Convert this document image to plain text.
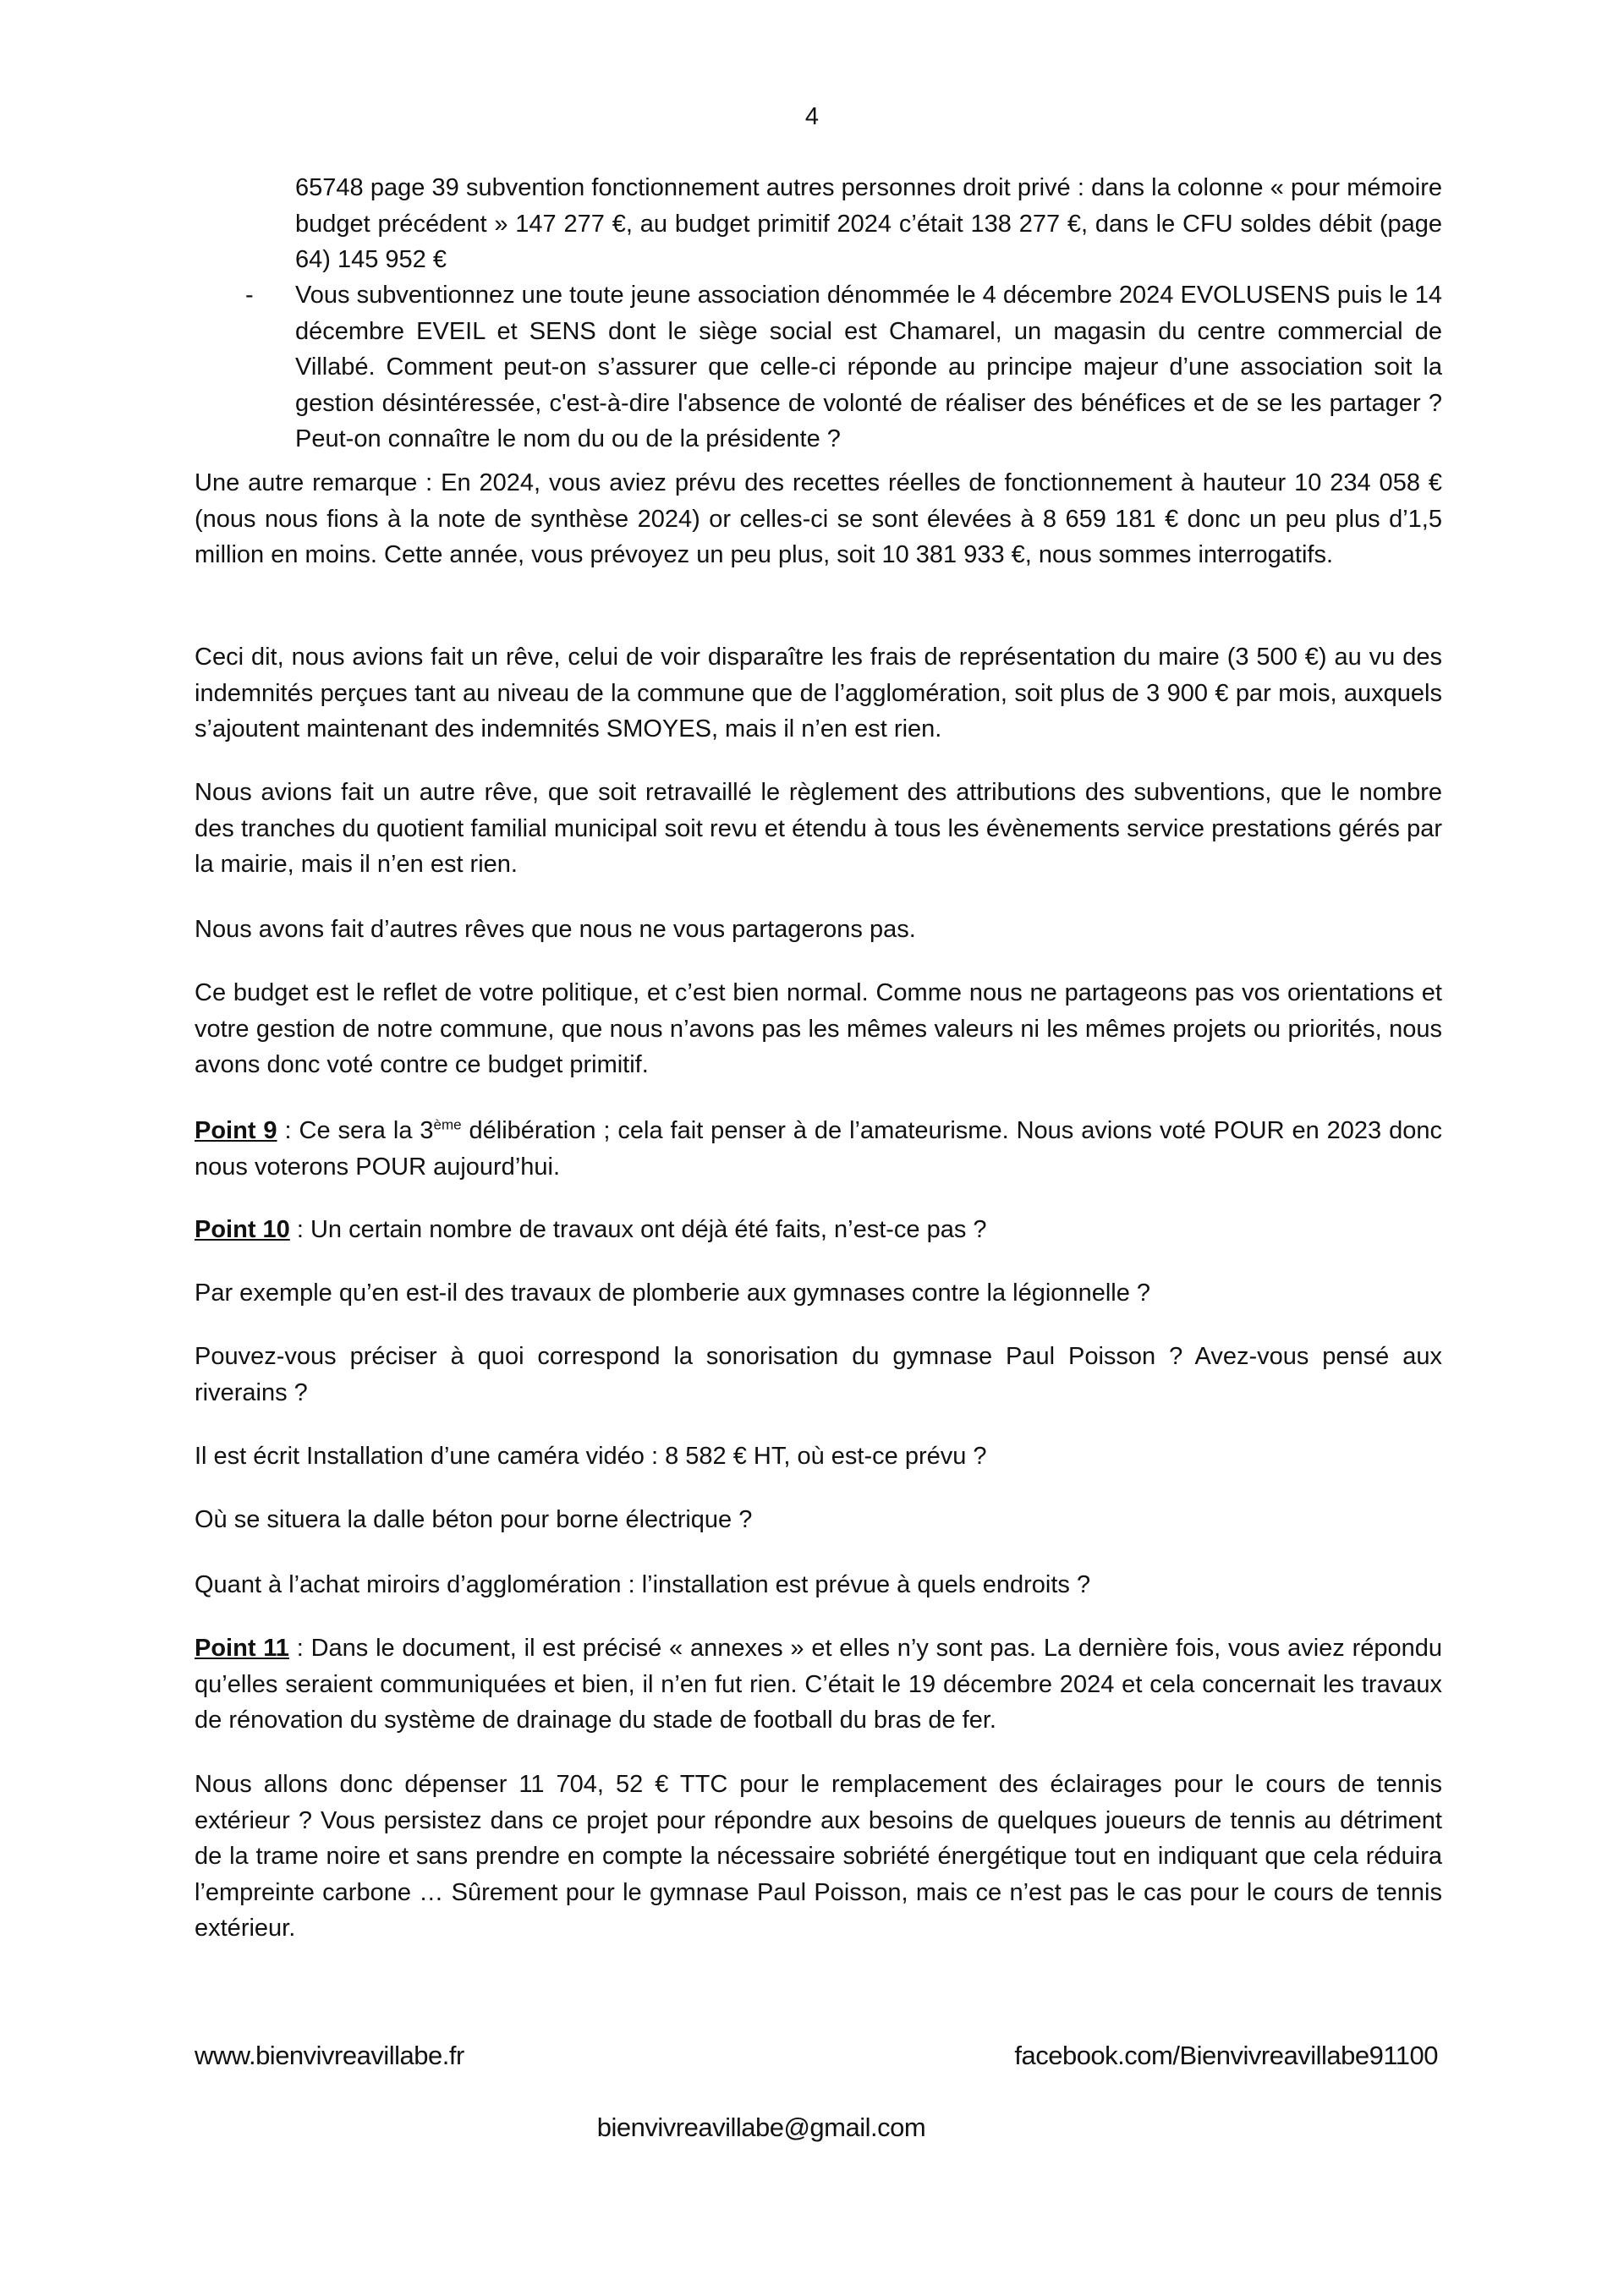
4
65748 page 39 subvention fonctionnement autres personnes droit privé : dans la colonne « pour mémoire budget précédent » 147 277 €, au budget primitif 2024 c’était 138 277 €, dans le CFU soldes débit (page 64) 145 952 €
- Vous subventionnez une toute jeune association dénommée le 4 décembre 2024 EVOLUSENS puis le 14 décembre EVEIL et SENS dont le siège social est Chamarel, un magasin du centre commercial de Villabé. Comment peut-on s’assurer que celle-ci réponde au principe majeur d’une association soit la gestion désintéressée, c'est-à-dire l'absence de volonté de réaliser des bénéfices et de se les partager ? Peut-on connaître le nom du ou de la présidente ?
Une autre remarque : En 2024, vous aviez prévu des recettes réelles de fonctionnement à hauteur 10 234 058 € (nous nous fions à la note de synthèse 2024) or celles-ci se sont élevées à 8 659 181 € donc un peu plus d’1,5 million en moins. Cette année, vous prévoyez un peu plus, soit 10 381 933 €, nous sommes interrogatifs.
Ceci dit, nous avions fait un rêve, celui de voir disparaître les frais de représentation du maire (3 500 €) au vu des indemnités perçues tant au niveau de la commune que de l’agglomération, soit plus de 3 900 € par mois, auxquels s’ajoutent maintenant des indemnités SMOYES, mais il n’en est rien.
Nous avions fait un autre rêve, que soit retravaillé le règlement des attributions des subventions, que le nombre des tranches du quotient familial municipal soit revu et étendu à tous les évènements service prestations gérés par la mairie, mais il n’en est rien.
Nous avons fait d’autres rêves que nous ne vous partagerons pas.
Ce budget est le reflet de votre politique, et c’est bien normal. Comme nous ne partageons pas vos orientations et votre gestion de notre commune, que nous n’avons pas les mêmes valeurs ni les mêmes projets ou priorités, nous avons donc voté contre ce budget primitif.
Point 9 : Ce sera la 3ème délibération ; cela fait penser à de l’amateurisme. Nous avions voté POUR en 2023 donc nous voterons POUR aujourd’hui.
Point 10 : Un certain nombre de travaux ont déjà été faits, n’est-ce pas ?
Par exemple qu’en est-il des travaux de plomberie aux gymnases contre la légionnelle ?
Pouvez-vous préciser à quoi correspond la sonorisation du gymnase Paul Poisson ? Avez-vous pensé aux riverains ?
Il est écrit Installation d’une caméra vidéo : 8 582 € HT, où est-ce prévu ?
Où se situera la dalle béton pour borne électrique ?
Quant à l’achat miroirs d’agglomération : l’installation est prévue à quels endroits ?
Point 11 : Dans le document, il est précisé « annexes » et elles n’y sont pas. La dernière fois, vous aviez répondu qu’elles seraient communiquées et bien, il n’en fut rien. C’était le 19 décembre 2024 et cela concernait les travaux de rénovation du système de drainage du stade de football du bras de fer.
Nous allons donc dépenser 11 704, 52 € TTC pour le remplacement des éclairages pour le cours de tennis extérieur ? Vous persistez dans ce projet pour répondre aux besoins de quelques joueurs de tennis au détriment de la trame noire et sans prendre en compte la nécessaire sobriété énergétique tout en indiquant que cela réduira l’empreinte carbone … Sûrement pour le gymnase Paul Poisson, mais ce n’est pas le cas pour le cours de tennis extérieur.
www.bienvivreavillabe.fr	facebook.com/Bienvivreavillabe91100
bienvivreavillabe@gmail.com
